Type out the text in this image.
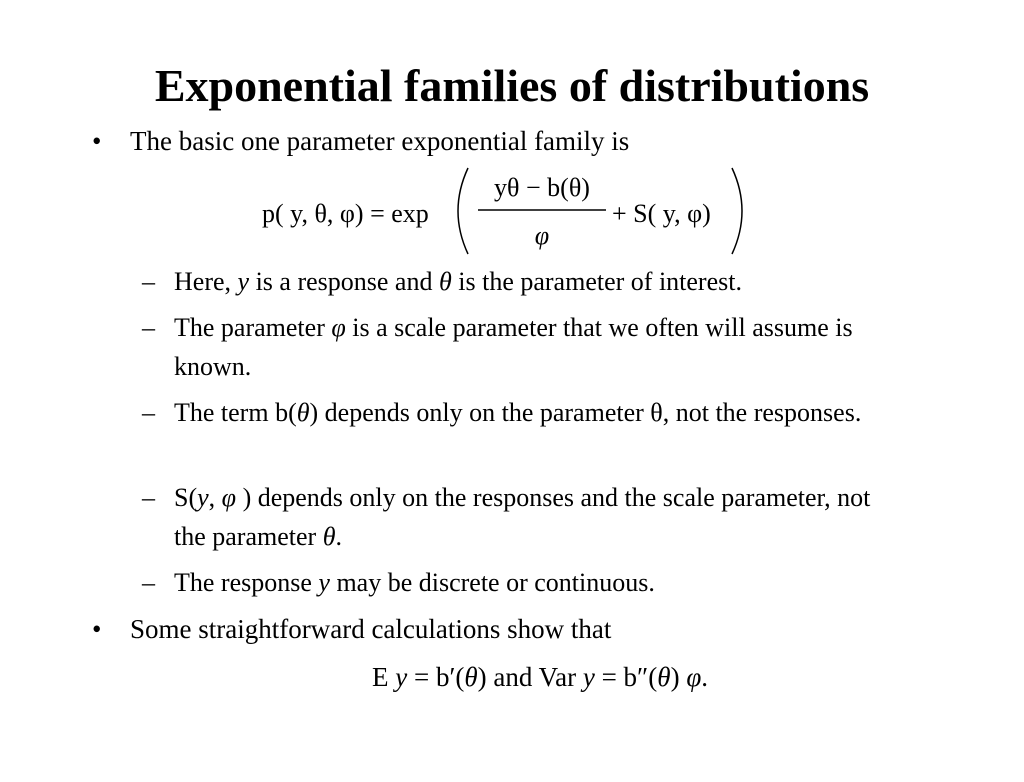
Exponential families of distributions
•	The basic one parameter exponential family is
p( y, θ, φ) = exp
yθ − b(θ)
φ
+ S( y, φ)
– Here, y is a response and θ is the parameter of interest.
– The parameter φ is a scale parameter that we often will assume is known.
– The term b(θ) depends only on the parameter θ, not the responses.
– S(y, φ ) depends only on the responses and the scale parameter, not the parameter θ.
– The response y may be discrete or continuous.
•	Some straightforward calculations show that
E y = b′(θ) and Var y = b″(θ) φ.
